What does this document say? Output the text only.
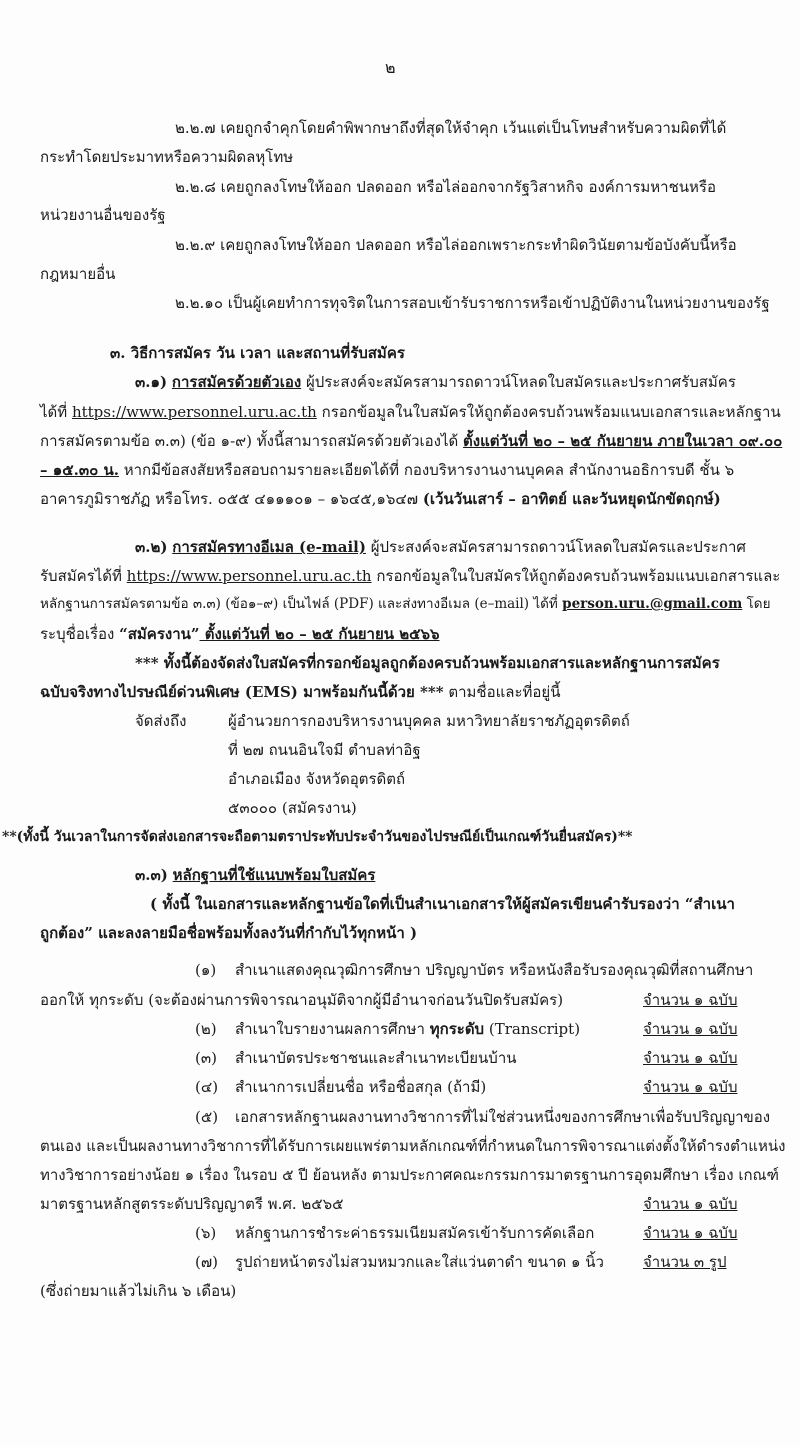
๒
๒.๒.๗ เคยถูกจำคุกโดยคำพิพากษาถึงที่สุดให้จำคุก เว้นแต่เป็นโทษสำหรับความผิดที่ได้
กระทำโดยประมาทหรือความผิดลหุโทษ
๒.๒.๘ เคยถูกลงโทษให้ออก ปลดออก หรือไล่ออกจากรัฐวิสาหกิจ องค์การมหาชนหรือ
หน่วยงานอื่นของรัฐ
๒.๒.๙ เคยถูกลงโทษให้ออก ปลดออก หรือไล่ออกเพราะกระทำผิดวินัยตามข้อบังคับนี้หรือ
กฎหมายอื่น
๒.๒.๑๐ เป็นผู้เคยทำการทุจริตในการสอบเข้ารับราชการหรือเข้าปฏิบัติงานในหน่วยงานของรัฐ
๓. วิธีการสมัคร วัน เวลา และสถานที่รับสมัคร
๓.๑) การสมัครด้วยตัวเอง ผู้ประสงค์จะสมัครสามารถดาวน์โหลดใบสมัครและประกาศรับสมัคร
ได้ที่ https://www.personnel.uru.ac.th กรอกข้อมูลในใบสมัครให้ถูกต้องครบถ้วนพร้อมแนบเอกสารและหลักฐาน
การสมัครตามข้อ ๓.๓) (ข้อ ๑-๙) ทั้งนี้สามารถสมัครด้วยตัวเองได้ ตั้งแต่วันที่ ๒๐ – ๒๕ กันยายน ภายในเวลา ๐๙.๐๐
– ๑๕.๓๐ น. หากมีข้อสงสัยหรือสอบถามรายละเอียดได้ที่ กองบริหารงานงานบุคคล สำนักงานอธิการบดี ชั้น ๖
อาคารภูมิราชภัฏ หรือโทร. ๐๕๕ ๔๑๑๑๐๑ – ๑๖๔๕,๑๖๔๗ (เว้นวันเสาร์ – อาทิตย์ และวันหยุดนักขัตฤกษ์)
๓.๒) การสมัครทางอีเมล (e-mail) ผู้ประสงค์จะสมัครสามารถดาวน์โหลดใบสมัครและประกาศ
รับสมัครได้ที่ https://www.personnel.uru.ac.th กรอกข้อมูลในใบสมัครให้ถูกต้องครบถ้วนพร้อมแนบเอกสารและ
หลักฐานการสมัครตามข้อ ๓.๓) (ข้อ๑–๙) เป็นไฟล์ (PDF) และส่งทางอีเมล (e–mail) ได้ที่ person.uru.@gmail.com โดย
ระบุชื่อเรื่อง “สมัครงาน” ตั้งแต่วันที่ ๒๐ – ๒๕ กันยายน ๒๕๖๖
*** ทั้งนี้ต้องจัดส่งใบสมัครที่กรอกข้อมูลถูกต้องครบถ้วนพร้อมเอกสารและหลักฐานการสมัคร
ฉบับจริงทางไปรษณีย์ด่วนพิเศษ (EMS) มาพร้อมกันนี้ด้วย *** ตามชื่อและที่อยู่นี้
จัดส่งถึง	ผู้อำนวยการกองบริหารงานบุคคล มหาวิทยาลัยราชภัฏอุตรดิตถ์
ที่ ๒๗ ถนนอินใจมี ตำบลท่าอิฐ
อำเภอเมือง จังหวัดอุตรดิตถ์
๕๓๐๐๐ (สมัครงาน)
**(ทั้งนี้ วันเวลาในการจัดส่งเอกสารจะถือตามตราประทับประจำวันของไปรษณีย์เป็นเกณฑ์วันยื่นสมัคร)**
๓.๓) หลักฐานที่ใช้แนบพร้อมใบสมัคร
( ทั้งนี้ ในเอกสารและหลักฐานข้อใดที่เป็นสำเนาเอกสารให้ผู้สมัครเขียนคำรับรองว่า “สำเนา
ถูกต้อง” และลงลายมือชื่อพร้อมทั้งลงวันที่กำกับไว้ทุกหน้า )
(๑) สำเนาแสดงคุณวุฒิการศึกษา ปริญญาบัตร หรือหนังสือรับรองคุณวุฒิที่สถานศึกษา
ออกให้ ทุกระดับ (จะต้องผ่านการพิจารณาอนุมัติจากผู้มีอำนาจก่อนวันปิดรับสมัคร)	จำนวน ๑ ฉบับ
(๒) สำเนาใบรายงานผลการศึกษา ทุกระดับ (Transcript)	จำนวน ๑ ฉบับ
(๓) สำเนาบัตรประชาชนและสำเนาทะเบียนบ้าน	จำนวน ๑ ฉบับ
(๔) สำเนาการเปลี่ยนชื่อ หรือชื่อสกุล (ถ้ามี)	จำนวน ๑ ฉบับ
(๕) เอกสารหลักฐานผลงานทางวิชาการที่ไม่ใช่ส่วนหนึ่งของการศึกษาเพื่อรับปริญญาของ
ตนเอง และเป็นผลงานทางวิชาการที่ได้รับการเผยแพร่ตามหลักเกณฑ์ที่กำหนดในการพิจารณาแต่งตั้งให้ดำรงตำแหน่ง
ทางวิชาการอย่างน้อย ๑ เรื่อง ในรอบ ๕ ปี ย้อนหลัง ตามประกาศคณะกรรมการมาตรฐานการอุดมศึกษา เรื่อง เกณฑ์
มาตรฐานหลักสูตรระดับปริญญาตรี พ.ศ. ๒๕๖๕	จำนวน ๑ ฉบับ
(๖) หลักฐานการชำระค่าธรรมเนียมสมัครเข้ารับการคัดเลือก	จำนวน ๑ ฉบับ
(๗) รูปถ่ายหน้าตรงไม่สวมหมวกและใส่แว่นตาดำ ขนาด ๑ นิ้ว	จำนวน ๓ รูป
(ซึ่งถ่ายมาแล้วไม่เกิน ๖ เดือน)
